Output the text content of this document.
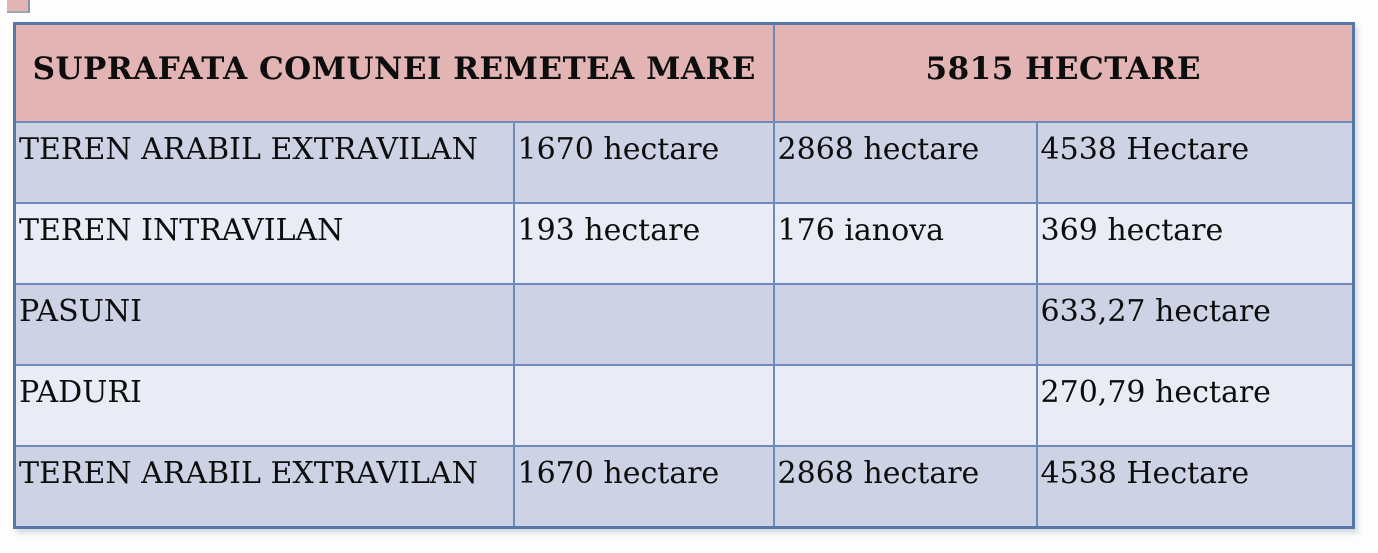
SUPRAFATA COMUNEI REMETEA MARE		5815 HECTARE	
TEREN ARABIL EXTRAVILAN	1670 hectare	2868 hectare	4538 Hectare
TEREN INTRAVILAN	193 hectare	176 ianova	369 hectare
PASUNI			633,27 hectare
PADURI			270,79 hectare
TEREN ARABIL EXTRAVILAN	1670 hectare	2868 hectare	4538 Hectare
